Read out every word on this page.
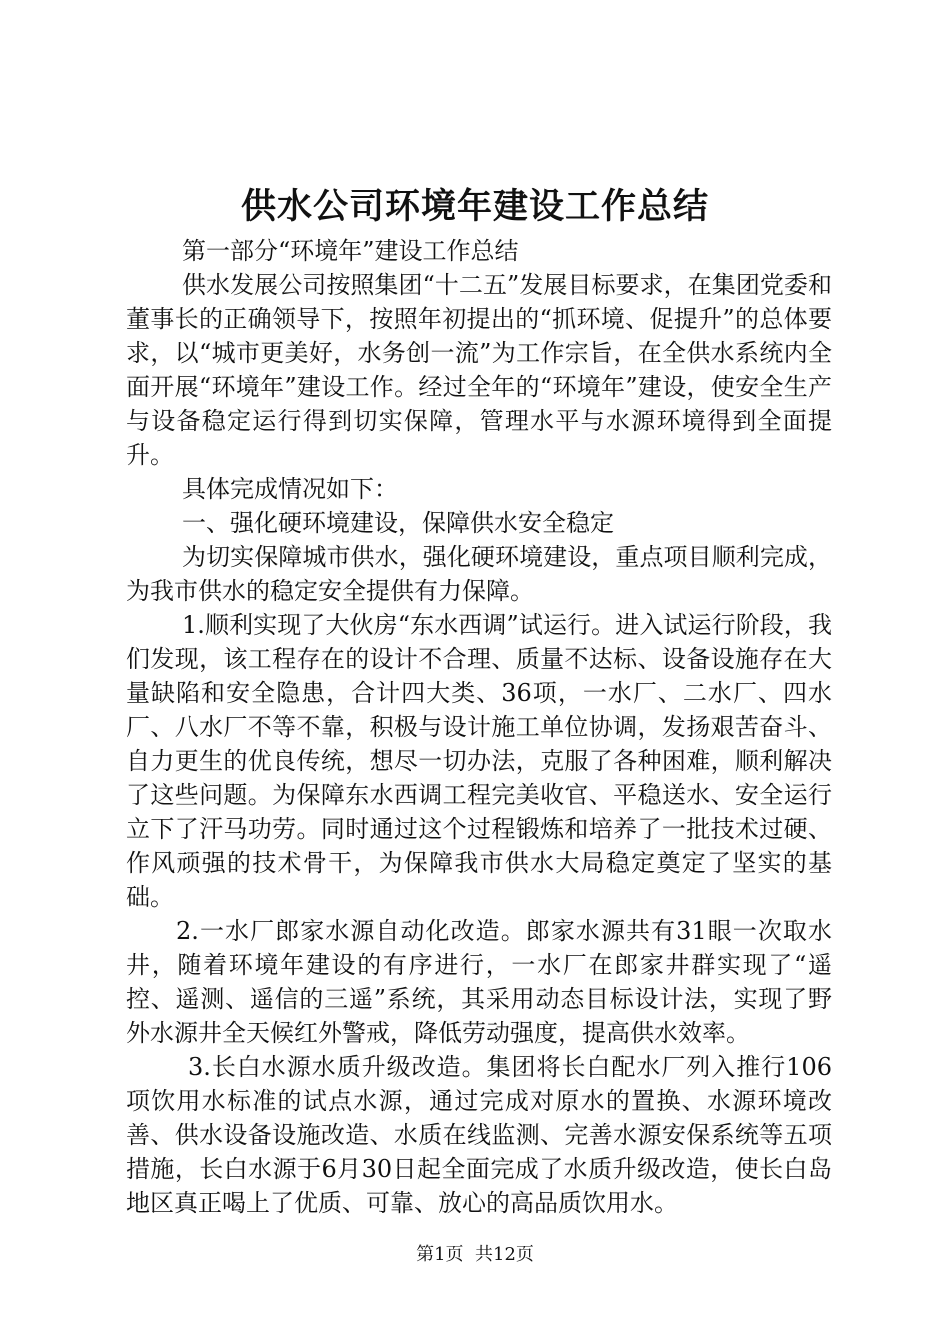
供水公司环境年建设工作总结

第一部分“环境年”建设工作总结

供水发展公司按照集团“十二五”发展目标要求，在集团党委和董事长的正确领导下，按照年初提出的“抓环境、促提升”的总体要求，以“城市更美好，水务创一流”为工作宗旨，在全供水系统内全面开展“环境年”建设工作。经过全年的“环境年”建设，使安全生产与设备稳定运行得到切实保障，管理水平与水源环境得到全面提升。

具体完成情况如下：

一、强化硬环境建设，保障供水安全稳定

为切实保障城市供水，强化硬环境建设，重点项目顺利完成，为我市供水的稳定安全提供有力保障。

1.顺利实现了大伙房“东水西调”试运行。进入试运行阶段，我们发现，该工程存在的设计不合理、质量不达标、设备设施存在大量缺陷和安全隐患，合计四大类、36项，一水厂、二水厂、四水厂、八水厂不等不靠，积极与设计施工单位协调，发扬艰苦奋斗、自力更生的优良传统，想尽一切办法，克服了各种困难，顺利解决了这些问题。为保障东水西调工程完美收官、平稳送水、安全运行立下了汗马功劳。同时通过这个过程锻炼和培养了一批技术过硬、作风顽强的技术骨干，为保障我市供水大局稳定奠定了坚实的基础。

2.一水厂郎家水源自动化改造。郎家水源共有31眼一次取水井，随着环境年建设的有序进行，一水厂在郎家井群实现了“遥控、遥测、遥信的三遥”系统，其采用动态目标设计法，实现了野外水源井全天候红外警戒，降低劳动强度，提高供水效率。

3.长白水源水质升级改造。集团将长白配水厂列入推行106项饮用水标准的试点水源，通过完成对原水的置换、水源环境改善、供水设备设施改造、水质在线监测、完善水源安保系统等五项措施，长白水源于6月30日起全面完成了水质升级改造，使长白岛地区真正喝上了优质、可靠、放心的高品质饮用水。

第1页 共12页
